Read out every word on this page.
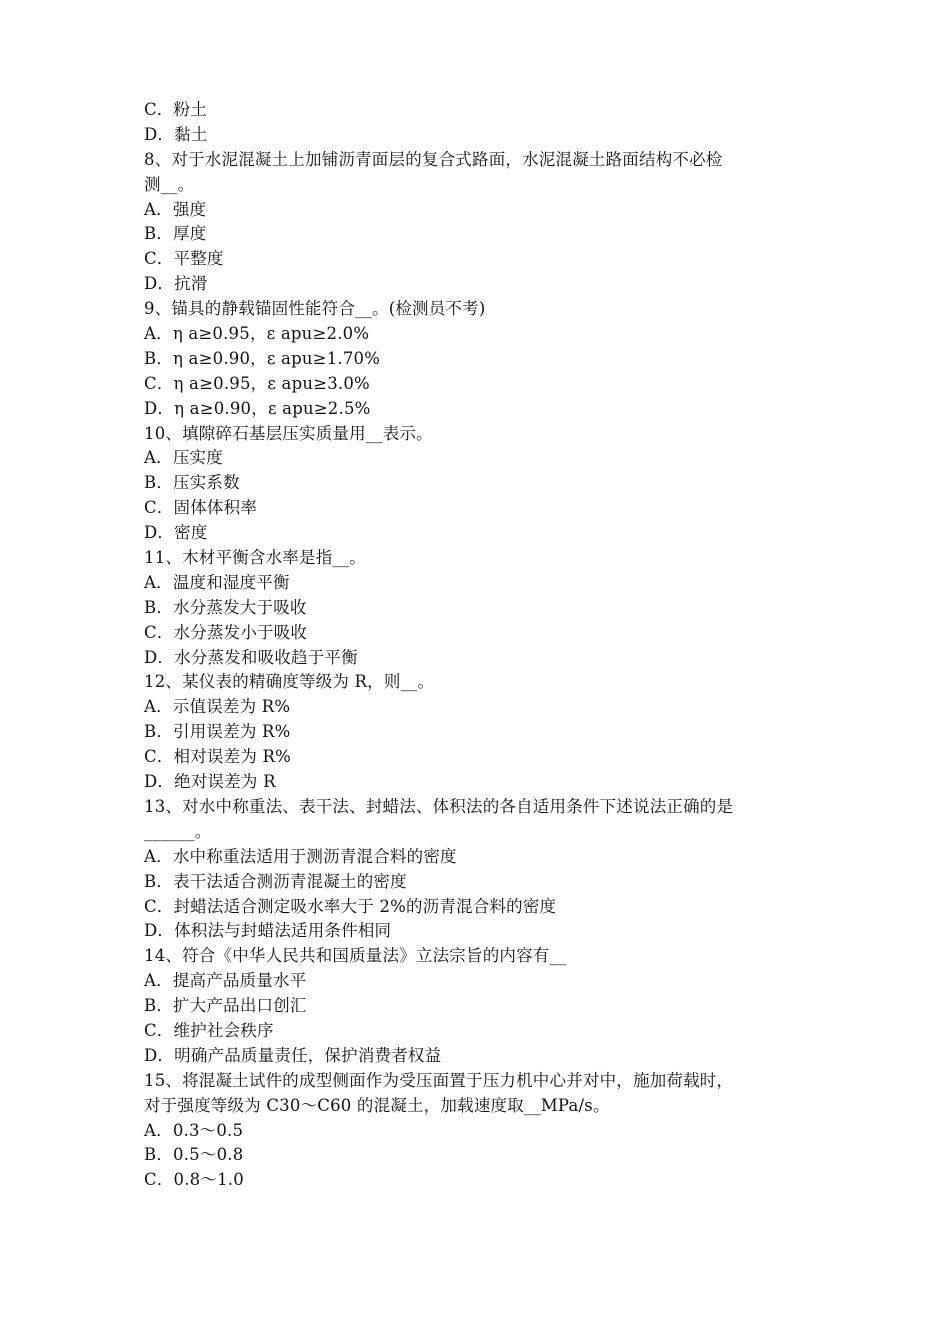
C．粉土
D．黏土
8、对于水泥混凝土上加铺沥青面层的复合式路面，水泥混凝土路面结构不必检
测__。
A．强度
B．厚度
C．平整度
D．抗滑
9、锚具的静载锚固性能符合__。(检测员不考)
A．η a≥0.95，ε apu≥2.0%
B．η a≥0.90，ε apu≥1.70%
C．η a≥0.95，ε apu≥3.0%
D．η a≥0.90，ε apu≥2.5%
10、填隙碎石基层压实质量用__表示。
A．压实度
B．压实系数
C．固体体积率
D．密度
11、木材平衡含水率是指__。
A．温度和湿度平衡
B．水分蒸发大于吸收
C．水分蒸发小于吸收
D．水分蒸发和吸收趋于平衡
12、某仪表的精确度等级为 R，则__。
A．示值误差为 R%
B．引用误差为 R%
C．相对误差为 R%
D．绝对误差为 R
13、对水中称重法、表干法、封蜡法、体积法的各自适用条件下述说法正确的是
______。
A．水中称重法适用于测沥青混合料的密度
B．表干法适合测沥青混凝土的密度
C．封蜡法适合测定吸水率大于 2%的沥青混合料的密度
D．体积法与封蜡法适用条件相同
14、符合《中华人民共和国质量法》立法宗旨的内容有__
A．提高产品质量水平
B．扩大产品出口创汇
C．维护社会秩序
D．明确产品质量责任，保护消费者权益
15、将混凝土试件的成型侧面作为受压面置于压力机中心并对中，施加荷载时，
对于强度等级为 C30～C60 的混凝土，加载速度取__MPa/s。
A．0.3～0.5
B．0.5～0.8
C．0.8～1.0
